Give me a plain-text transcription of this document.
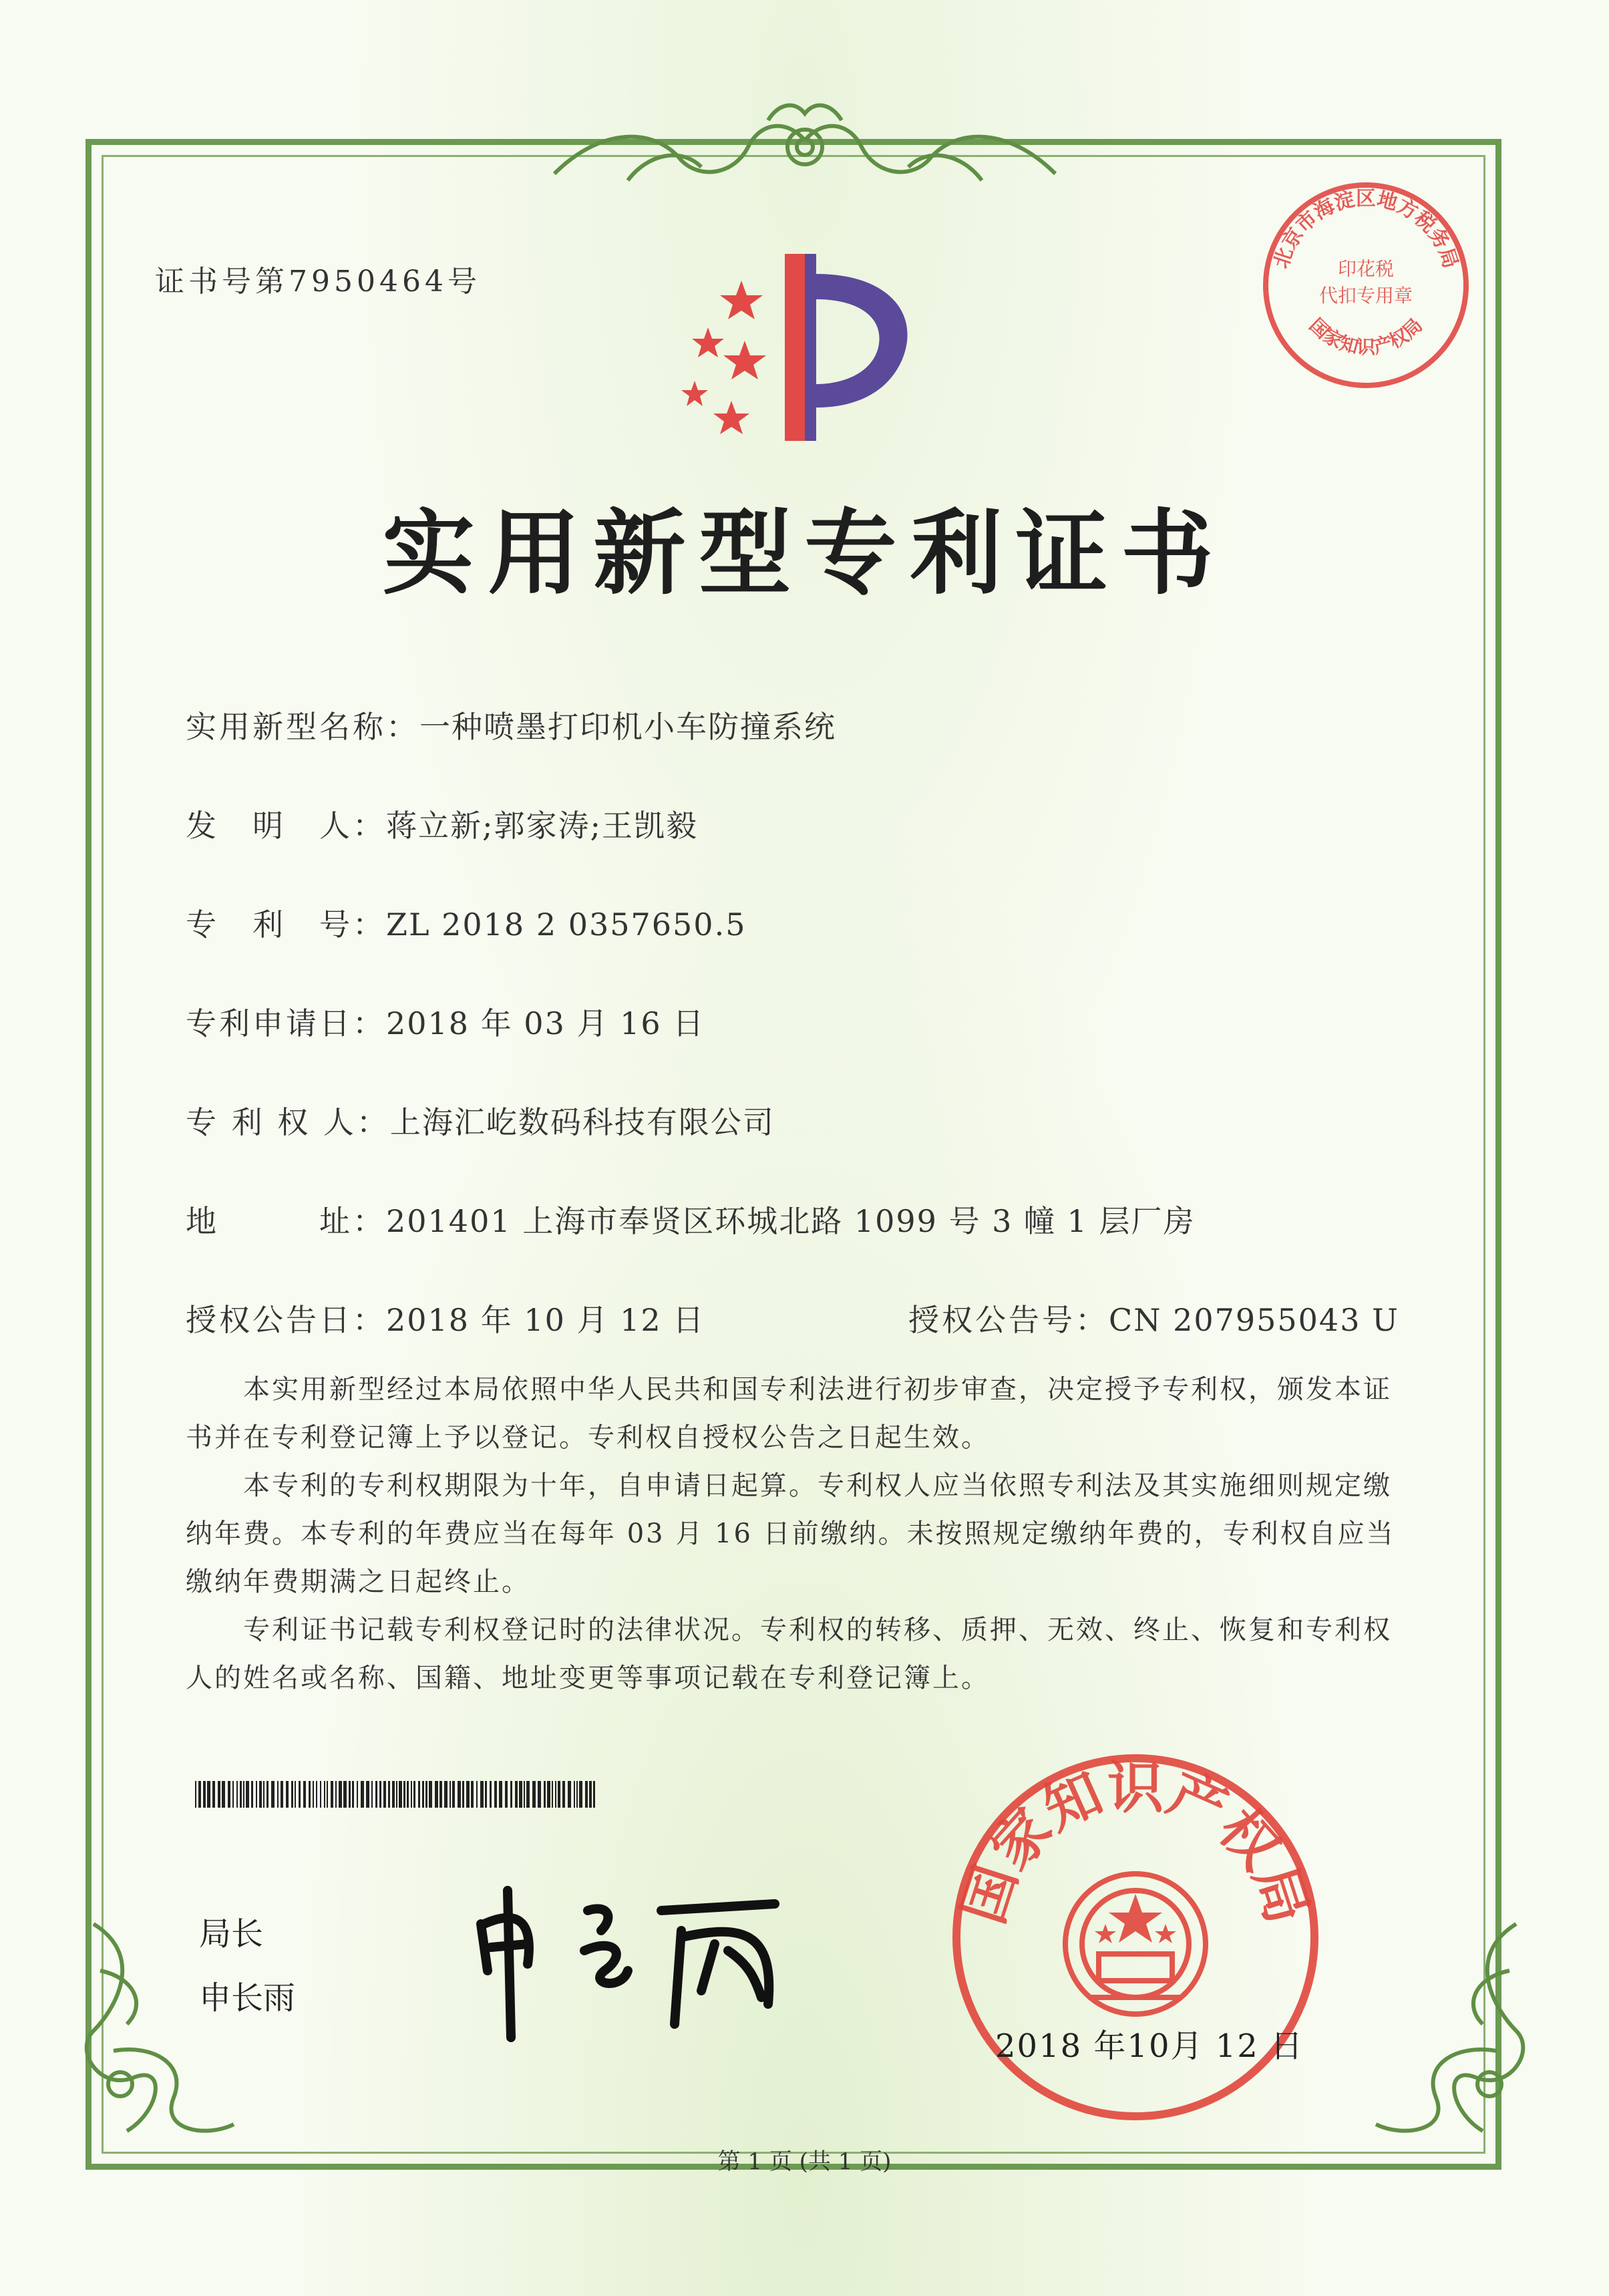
证书号第7950464号
北京市海淀区地方税务局
印花税
代扣专用章
国家知识产权局
实用新型专利证书
实用新型名称：一种喷墨打印机小车防撞系统
发　明　人：蒋立新;郭家涛;王凯毅
专　利　号：ZL 2018 2 0357650.5
专利申请日：2018 年 03 月 16 日
专 利 权 人：上海汇屹数码科技有限公司
地　　　址：201401 上海市奉贤区环城北路 1099 号 3 幢 1 层厂房
授权公告日：2018 年 10 月 12 日	授权公告号：CN 207955043 U

本实用新型经过本局依照中华人民共和国专利法进行初步审查，决定授予专利权，颁发本证书并在专利登记簿上予以登记。专利权自授权公告之日起生效。

本专利的专利权期限为十年，自申请日起算。专利权人应当依照专利法及其实施细则规定缴纳年费。本专利的年费应当在每年 03 月 16 日前缴纳。未按照规定缴纳年费的，专利权自应当缴纳年费期满之日起终止。

专利证书记载专利权登记时的法律状况。专利权的转移、质押、无效、终止、恢复和专利权人的姓名或名称、国籍、地址变更等事项记载在专利登记簿上。

局长
申长雨
国家知识产权局
2018 年10月 12 日
第 1 页 (共 1 页)
